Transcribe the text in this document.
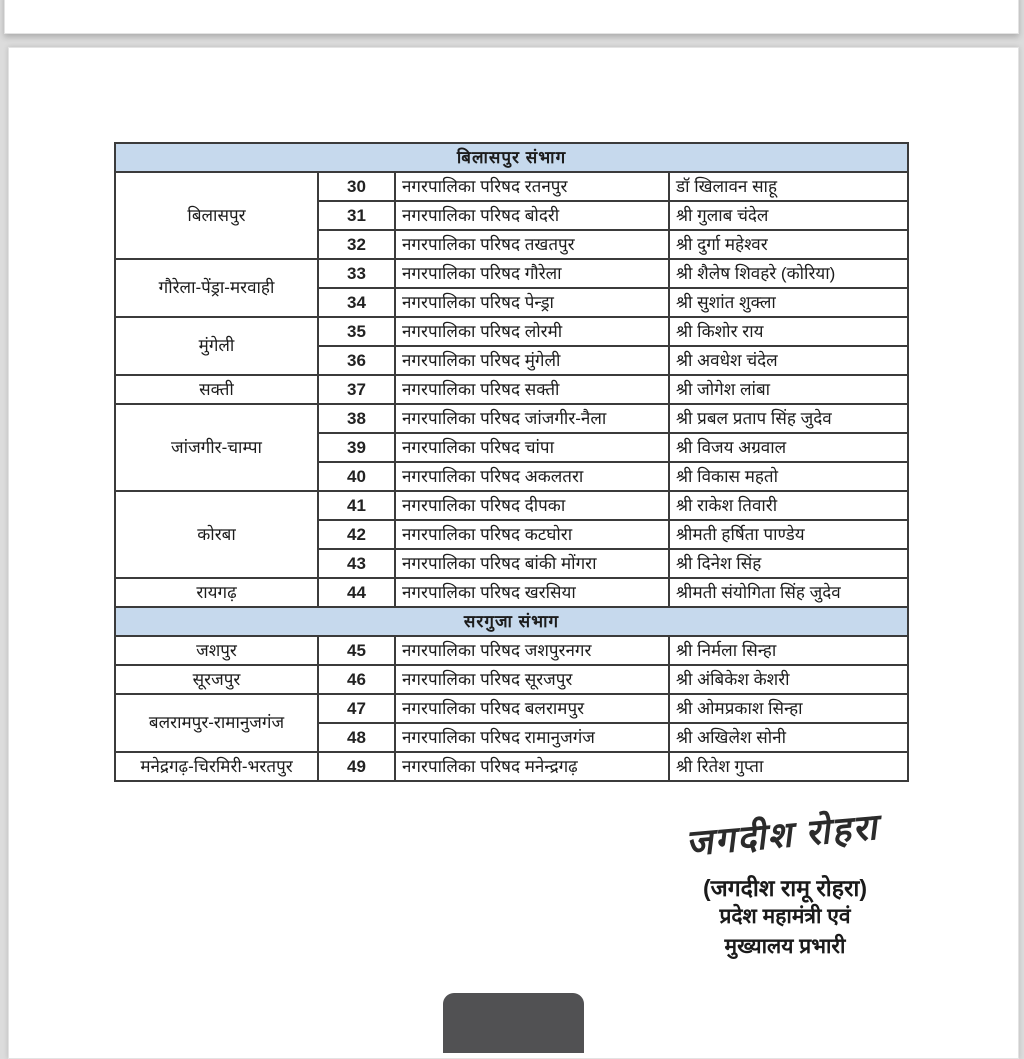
बिलासपुर संभाग			
बिलासपुर	30	नगरपालिका परिषद रतनपुर	डॉ खिलावन साहू
	31	नगरपालिका परिषद बोदरी	श्री गुलाब चंदेल
	32	नगरपालिका परिषद तखतपुर	श्री दुर्गा महेश्वर
गौरेला-पेंड्रा-मरवाही	33	नगरपालिका परिषद गौरेला	श्री शैलेष शिवहरे (कोरिया)
	34	नगरपालिका परिषद पेन्ड्रा	श्री सुशांत शुक्ला
मुंगेली	35	नगरपालिका परिषद लोरमी	श्री किशोर राय
	36	नगरपालिका परिषद मुंगेली	श्री अवधेश चंदेल
सक्ती	37	नगरपालिका परिषद सक्ती	श्री जोगेश लांबा
जांजगीर-चाम्पा	38	नगरपालिका परिषद जांजगीर-नैला	श्री प्रबल प्रताप सिंह जुदेव
	39	नगरपालिका परिषद चांपा	श्री विजय अग्रवाल
	40	नगरपालिका परिषद अकलतरा	श्री विकास महतो
कोरबा	41	नगरपालिका परिषद दीपका	श्री राकेश तिवारी
	42	नगरपालिका परिषद कटघोरा	श्रीमती हर्षिता पाण्डेय
	43	नगरपालिका परिषद बांकी मोंगरा	श्री दिनेश सिंह
रायगढ़	44	नगरपालिका परिषद खरसिया	श्रीमती संयोगिता सिंह जुदेव
सरगुजा संभाग			
जशपुर	45	नगरपालिका परिषद जशपुरनगर	श्री निर्मला सिन्हा
सूरजपुर	46	नगरपालिका परिषद सूरजपुर	श्री अंबिकेश केशरी
बलरामपुर-रामानुजगंज	47	नगरपालिका परिषद बलरामपुर	श्री ओमप्रकाश सिन्हा
	48	नगरपालिका परिषद रामानुजगंज	श्री अखिलेश सोनी
मनेद्रगढ़-चिरमिरी-भरतपुर	49	नगरपालिका परिषद मनेन्द्रगढ़	श्री रितेश गुप्ता
जगदीश रोहरा
(जगदीश रामू रोहरा)
प्रदेश महामंत्री एवं
मुख्यालय प्रभारी
